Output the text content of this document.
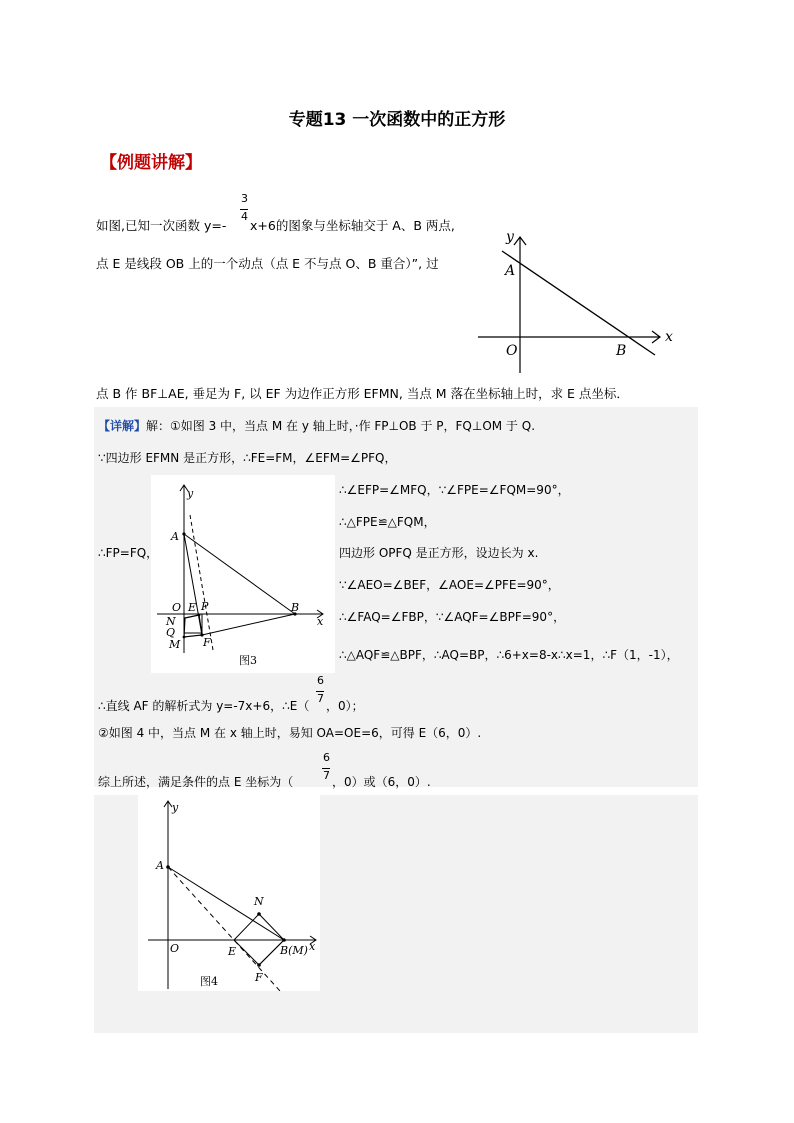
专题13 一次函数中的正方形
【例题讲解】
3
4
如图,已知一次函数 y=- x+6的图象与坐标轴交于 A、B 两点,
点 E 是线段 OB 上的一个动点（点 E 不与点 O、B 重合）”, 过
点 B 作 BF⊥AE, 垂足为 F, 以 EF 为边作正方形 EFMN, 当点 M 落在坐标轴上时，求 E 点坐标．
y
x
A
O	B
【详解】解：①如图 3 中，当点 M 在 y 轴上时，·作 FP⊥OB 于 P，FQ⊥OM 于 Q.
∵四边形 EFMN 是正方形，∴FE=FM，∠EFM=∠PFQ，
y
x
A
O E P	B
N
Q
M F
图3
∴∠EFP=∠MFQ，∵∠FPE=∠FQM=90°，
∴△FPE≌△FQM，
∴FP=FQ，	四边形 OPFQ 是正方形，设边长为 x.
∵∠AEO=∠BEF，∠AOE=∠PFE=90°，
∴∠FAQ=∠FBP，∵∠AQF=∠BPF=90°，
∴△AQF≌△BPF，∴AQ=BP，∴6+x=8-x∴x=1，∴F（1，-1），
6
7
∴直线 AF 的解析式为 y=-7x+6，∴E（ ，0）；
②如图 4 中，当点 M 在 x 轴上时，易知 OA=OE=6，可得 E（6，0）.
6
7
综上所述，满足条件的点 E 坐标为（	，0）或（6，0）.
y
x
A
N
O	E	B(M)
F
图4
